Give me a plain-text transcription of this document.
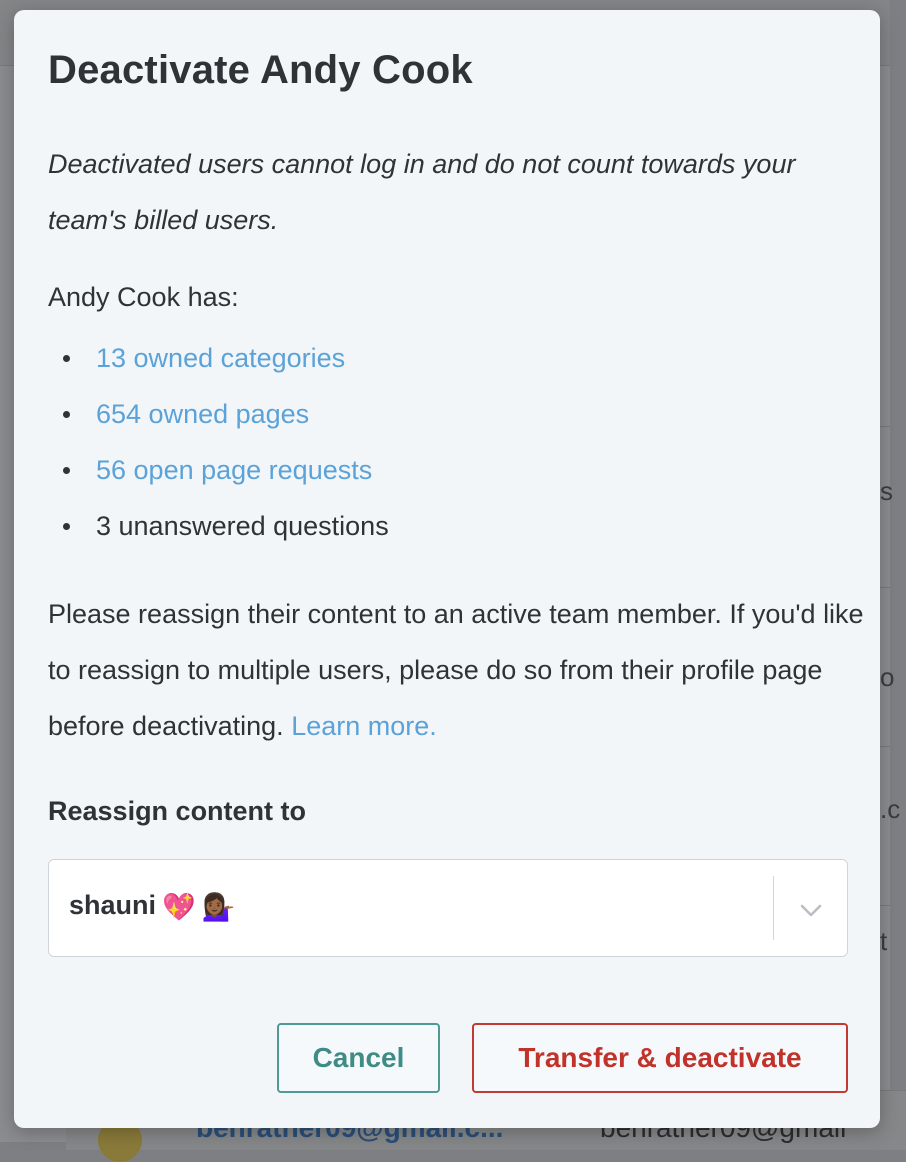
s
o
.c
t
Deactivate Andy Cook

Deactivated users cannot log in and do not count towards your team's billed users.

Andy Cook has:
13 owned categories
654 owned pages
56 open page requests
3 unanswered questions

Please reassign their content to an active team member. If you'd like to reassign to multiple users, please do so from their profile page before deactivating. Learn more.

Reassign content to
shauni 💖 💁🏾‍♀️
Cancel	Transfer & deactivate
